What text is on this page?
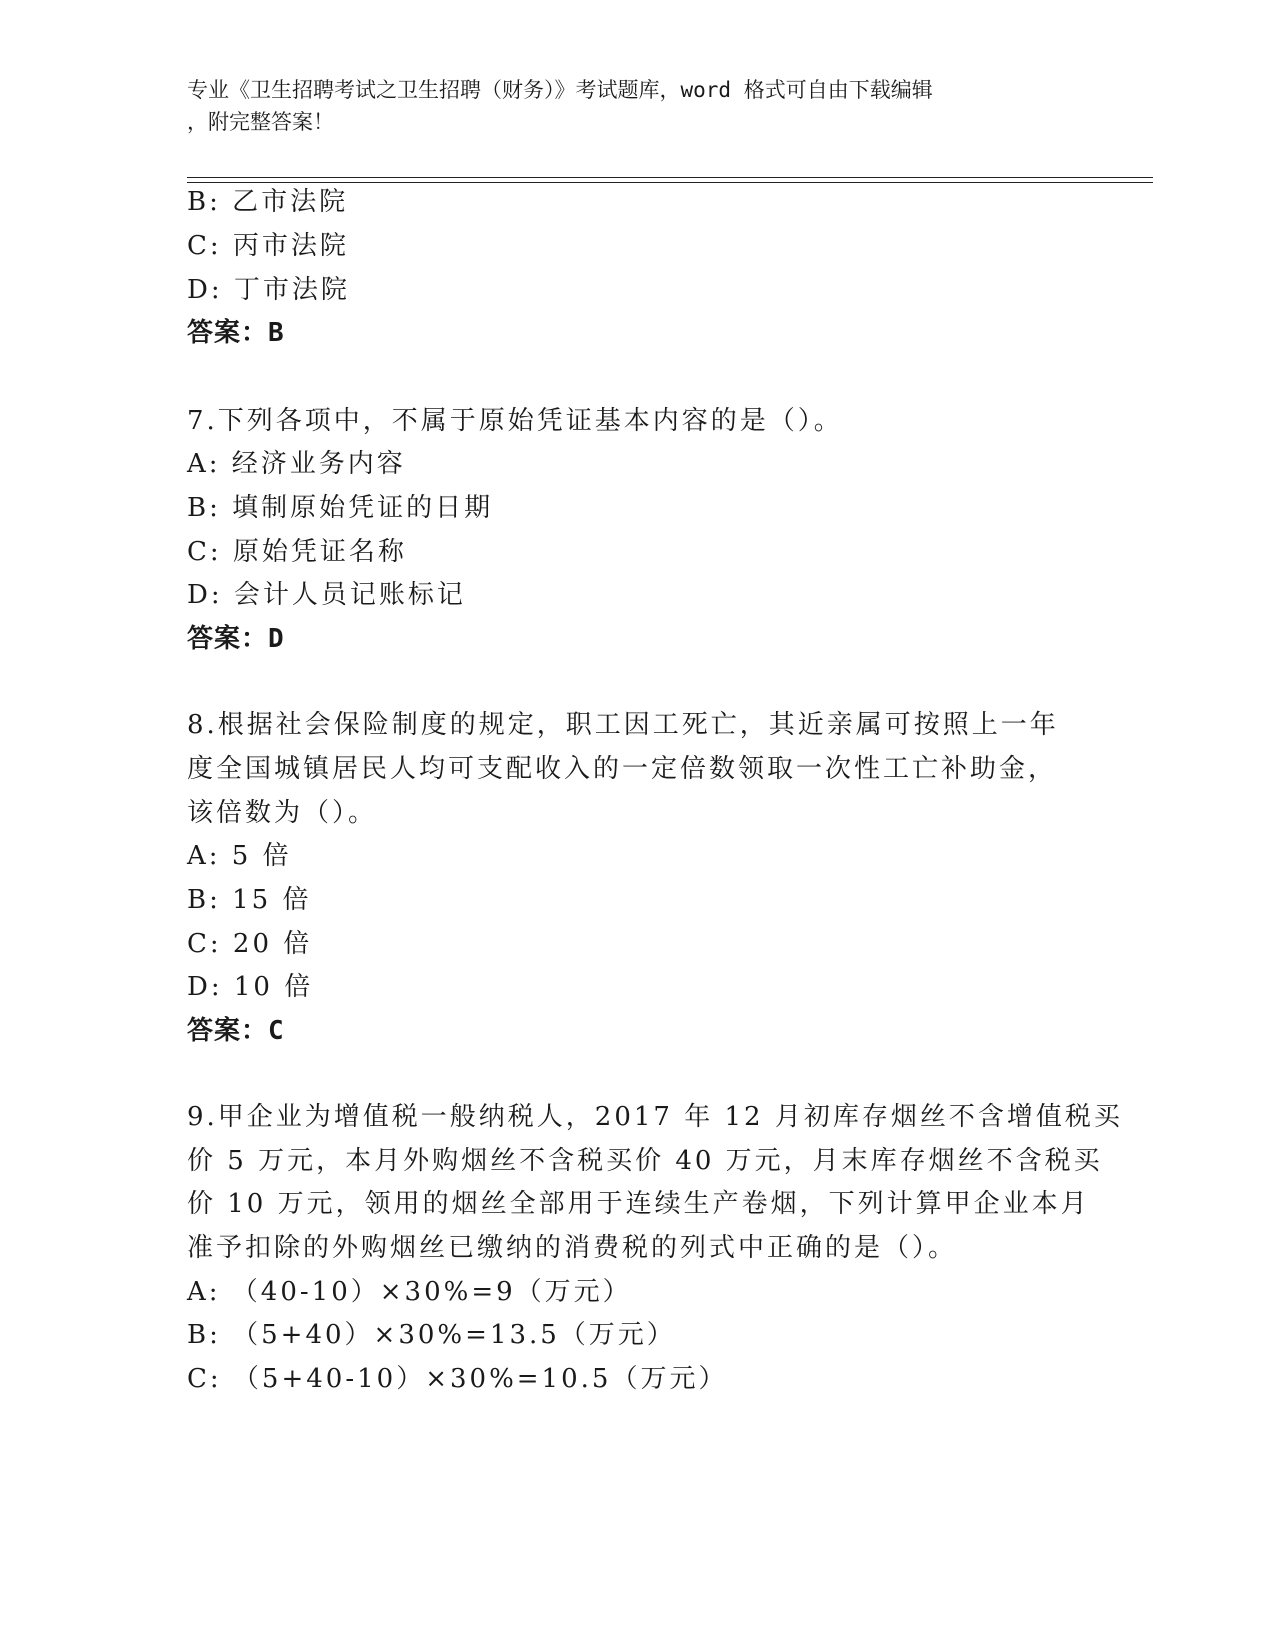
专业《卫生招聘考试之卫生招聘（财务）》考试题库，word 格式可自由下载编辑
，附完整答案！
B: 乙市法院
C: 丙市法院
D: 丁市法院
答案：B
7.下列各项中，不属于原始凭证基本内容的是（）。
A: 经济业务内容
B: 填制原始凭证的日期
C: 原始凭证名称
D: 会计人员记账标记
答案：D
8.根据社会保险制度的规定，职工因工死亡，其近亲属可按照上一年
度全国城镇居民人均可支配收入的一定倍数领取一次性工亡补助金，
该倍数为（）。
A: 5 倍
B: 15 倍
C: 20 倍
D: 10 倍
答案：C
9.甲企业为增值税一般纳税人，2017 年 12 月初库存烟丝不含增值税买
价 5 万元，本月外购烟丝不含税买价 40 万元，月末库存烟丝不含税买
价 10 万元，领用的烟丝全部用于连续生产卷烟，下列计算甲企业本月
准予扣除的外购烟丝已缴纳的消费税的列式中正确的是（）。
A: （40-10）×30%=9（万元）
B: （5+40）×30%=13.5（万元）
C: （5+40-10）×30%=10.5（万元）
